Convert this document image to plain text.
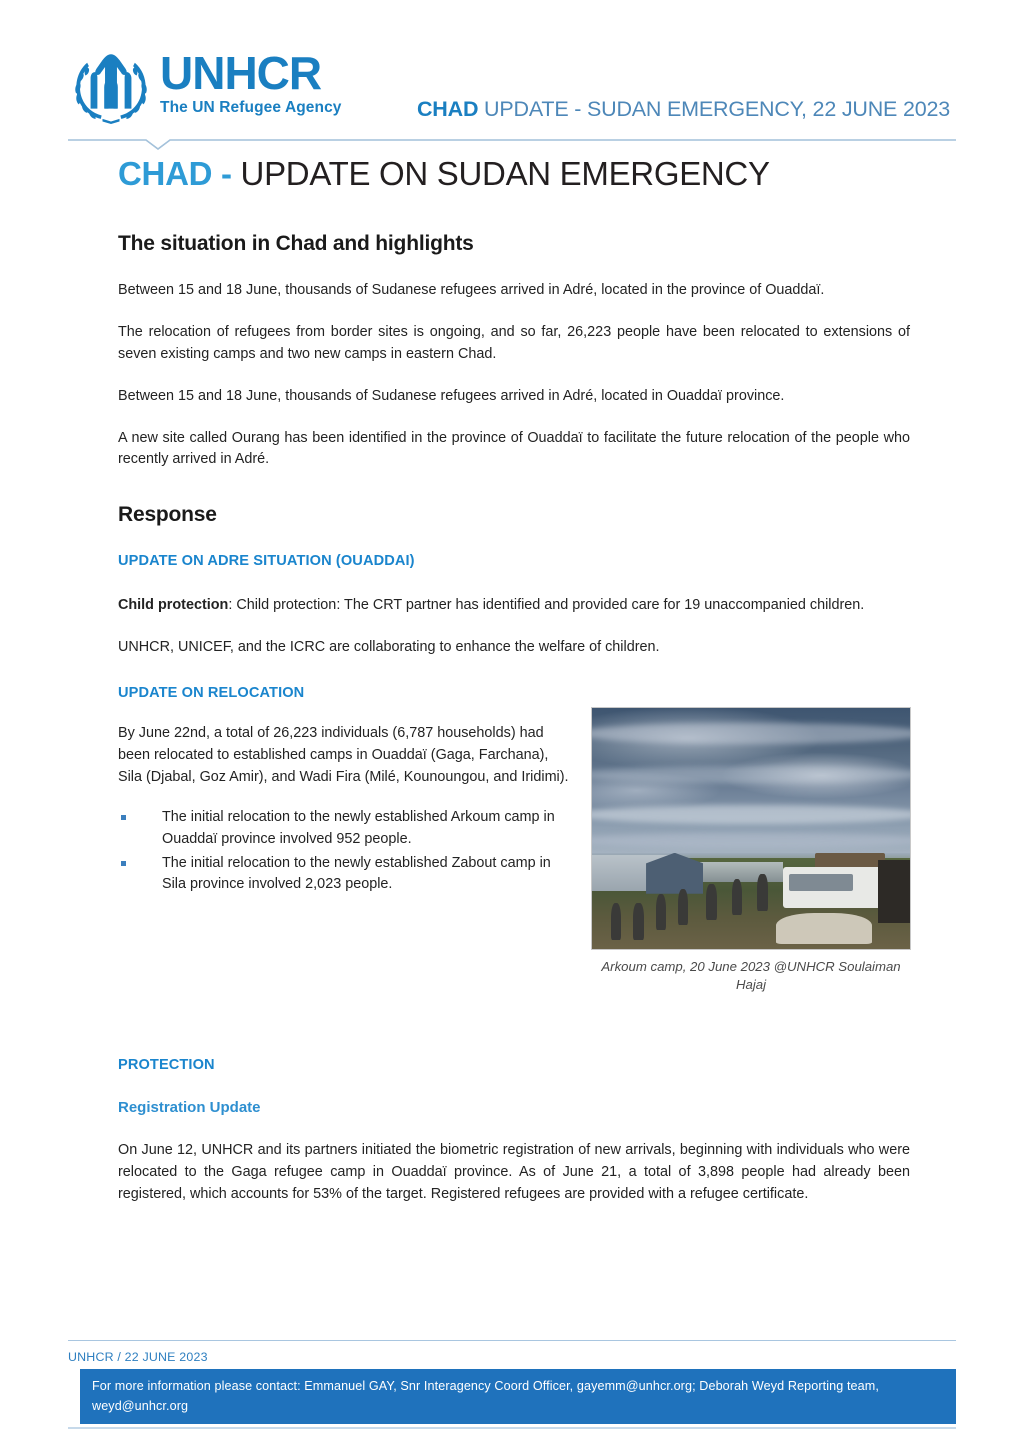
UNHCR
The UN Refugee Agency	CHAD UPDATE - SUDAN EMERGENCY, 22 JUNE 2023
CHAD - UPDATE ON SUDAN EMERGENCY
The situation in Chad and highlights

Between 15 and 18 June, thousands of Sudanese refugees arrived in Adré, located in the province of Ouaddaï.

The relocation of refugees from border sites is ongoing, and so far, 26,223 people have been relocated to extensions of seven existing camps and two new camps in eastern Chad.

Between 15 and 18 June, thousands of Sudanese refugees arrived in Adré, located in Ouaddaï province.

A new site called Ourang has been identified in the province of Ouaddaï to facilitate the future relocation of the people who recently arrived in Adré.

Response
UPDATE ON ADRE SITUATION (OUADDAI)

Child protection: Child protection: The CRT partner has identified and provided care for 19 unaccompanied children.

UNHCR, UNICEF, and the ICRC are collaborating to enhance the welfare of children.

UPDATE ON RELOCATION

By June 22nd, a total of 26,223 individuals (6,787 households) had been relocated to established camps in Ouaddaï (Gaga, Farchana), Sila (Djabal, Goz Amir), and Wadi Fira (Milé, Kounoungou, and Iridimi).

The initial relocation to the newly established Arkoum camp in Ouaddaï province involved 952 people.
The initial relocation to the newly established Zabout camp in Sila province involved 2,023 people.
Arkoum camp, 20 June 2023 @UNHCR Soulaiman Hajaj
PROTECTION
Registration Update

On June 12, UNHCR and its partners initiated the biometric registration of new arrivals, beginning with individuals who were relocated to the Gaga refugee camp in Ouaddaï province. As of June 21, a total of 3,898 people had already been registered, which accounts for 53% of the target. Registered refugees are provided with a refugee certificate.

UNHCR / 22 JUNE 2023
For more information please contact: Emmanuel GAY, Snr Interagency Coord Officer, gayemm@unhcr.org; Deborah Weyd Reporting team, weyd@unhcr.org
